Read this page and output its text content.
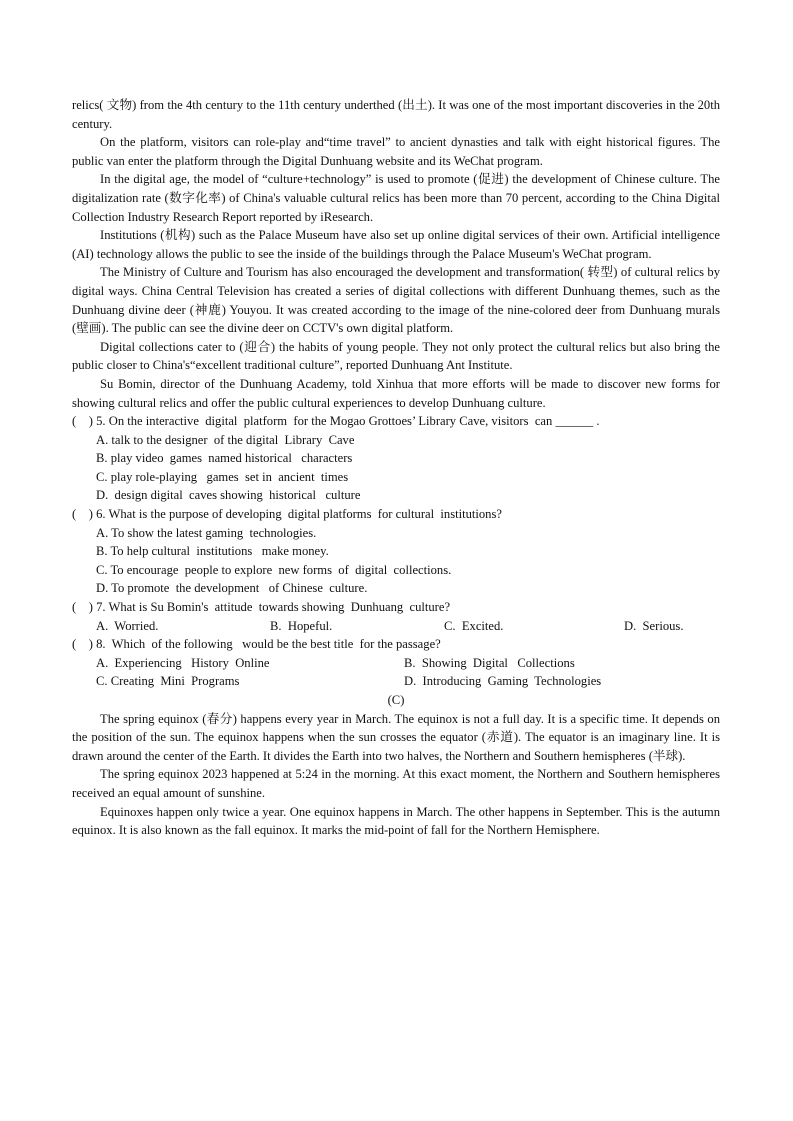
relics( 文物) from the 4th century to the 11th century underthed (出土). It was one of the most important discoveries in the 20th century.

On the platform, visitors can role-play and“time travel” to ancient dynasties and talk with eight historical figures. The public van enter the platform through the Digital Dunhuang website and its WeChat program.

In the digital age, the model of “culture+technology” is used to promote (促进) the development of Chinese culture. The digitalization rate (数字化率) of China's valuable cultural relics has been more than 70 percent, according to the China Digital Collection Industry Research Report reported by iResearch.

Institutions (机构) such as the Palace Museum have also set up online digital services of their own. Artificial intelligence (AI) technology allows the public to see the inside of the buildings through the Palace Museum's WeChat program.

The Ministry of Culture and Tourism has also encouraged the development and transformation( 转型) of cultural relics by digital ways. China Central Television has created a series of digital collections with different Dunhuang themes, such as the Dunhuang divine deer (神鹿) Youyou. It was created according to the image of the nine-colored deer from Dunhuang murals (壁画). The public can see the divine deer on CCTV's own digital platform.

Digital collections cater to (迎合) the habits of young people. They not only protect the cultural relics but also bring the public closer to China's“excellent traditional culture”, reported Dunhuang Ant Institute.

Su Bomin, director of the Dunhuang Academy, told Xinhua that more efforts will be made to discover new forms for showing cultural relics and offer the public cultural experiences to develop Dunhuang culture.

(    ) 5. On the interactive  digital  platform  for the Mogao Grottoes’ Library Cave, visitors  can ______ .
A. talk to the designer  of the digital  Library  Cave
B. play video  games  named historical   characters
C. play role-playing   games  set in  ancient  times
D.  design digital  caves showing  historical   culture
(    ) 6. What is the purpose of developing  digital platforms  for cultural  institutions?
A. To show the latest gaming  technologies.
B. To help cultural  institutions   make money.
C. To encourage  people to explore  new forms  of  digital  collections.
D. To promote  the development   of Chinese  culture.
(    ) 7. What is Su Bomin's  attitude  towards showing  Dunhuang  culture?
A.  Worried.	B.  Hopeful.	C.  Excited.	D.  Serious.
(    ) 8.  Which  of the following   would be the best title  for the passage?
A.  Experiencing   History  Online	B.  Showing  Digital   Collections
C. Creating  Mini  Programs	D.  Introducing  Gaming  Technologies

(C)

The spring equinox (春分) happens every year in March. The equinox is not a full day. It is a specific time. It depends on the position of the sun. The equinox happens when the sun crosses the equator (赤道). The equator is an imaginary line. It is drawn around the center of the Earth. It divides the Earth into two halves, the Northern and Southern hemispheres (半球).

The spring equinox 2023 happened at 5:24 in the morning. At this exact moment, the Northern and Southern hemispheres received an equal amount of sunshine.

Equinoxes happen only twice a year. One equinox happens in March. The other happens in September. This is the autumn equinox. It is also known as the fall equinox. It marks the mid-point of fall for the Northern Hemisphere.
